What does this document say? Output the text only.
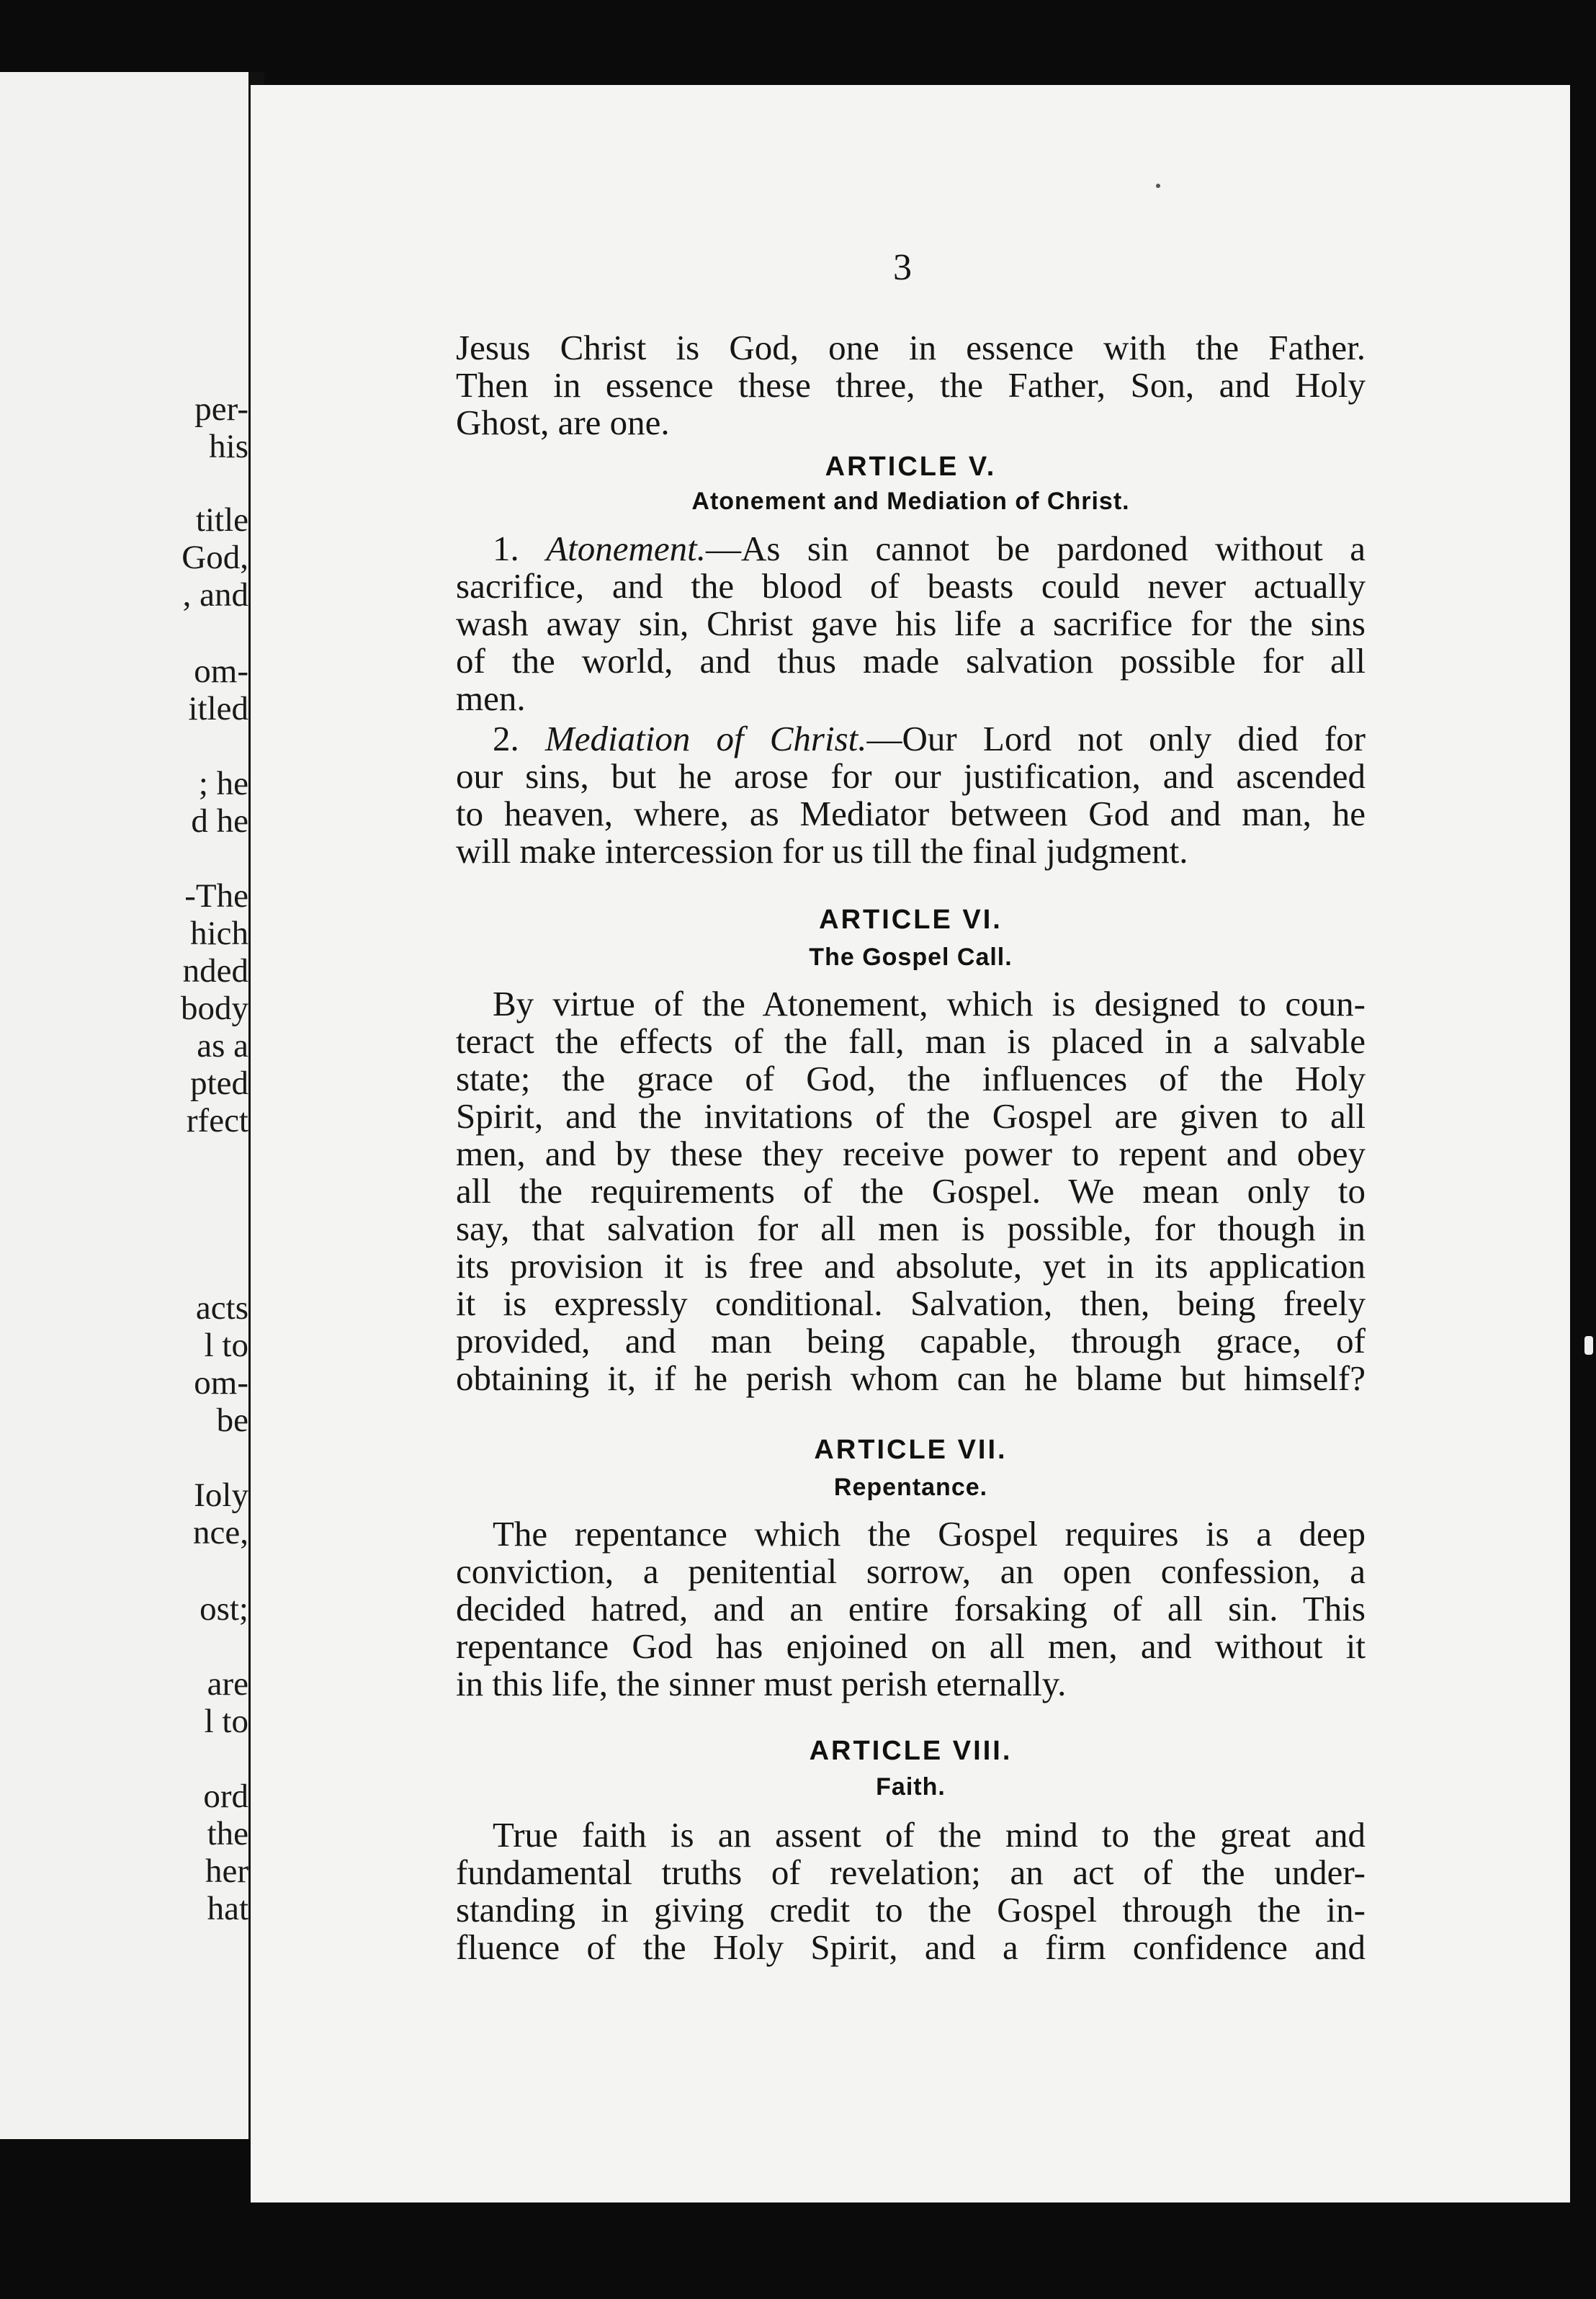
per-
his
title
God,
, and
om-
itled
; he
d he
-The
hich
nded
body
as a
pted
rfect
acts
l to
om-
be
Ioly
nce,
ost;
are
l to
ord
the
her
hat
3
Jesus Christ is God, one in essence with the Father.
Then in essence these three, the Father, Son, and Holy
Ghost, are one.
ARTICLE V.
Atonement and Mediation of Christ.
1. Atonement.—As sin cannot be pardoned without a
sacrifice, and the blood of beasts could never actually
wash away sin, Christ gave his life a sacrifice for the sins
of the world, and thus made salvation possible for all
men.
2. Mediation of Christ.—Our Lord not only died for
our sins, but he arose for our justification, and ascended
to heaven, where, as Mediator between God and man, he
will make intercession for us till the final judgment.
ARTICLE VI.
The Gospel Call.
By virtue of the Atonement, which is designed to coun-
teract the effects of the fall, man is placed in a salvable
state; the grace of God, the influences of the Holy
Spirit, and the invitations of the Gospel are given to all
men, and by these they receive power to repent and obey
all the requirements of the Gospel. We mean only to
say, that salvation for all men is possible, for though in
its provision it is free and absolute, yet in its application
it is expressly conditional. Salvation, then, being freely
provided, and man being capable, through grace, of
obtaining it, if he perish whom can he blame but himself?
ARTICLE VII.
Repentance.
The repentance which the Gospel requires is a deep
conviction, a penitential sorrow, an open confession, a
decided hatred, and an entire forsaking of all sin. This
repentance God has enjoined on all men, and without it
in this life, the sinner must perish eternally.
ARTICLE VIII.
Faith.
True faith is an assent of the mind to the great and
fundamental truths of revelation; an act of the under-
standing in giving credit to the Gospel through the in-
fluence of the Holy Spirit, and a firm confidence and
